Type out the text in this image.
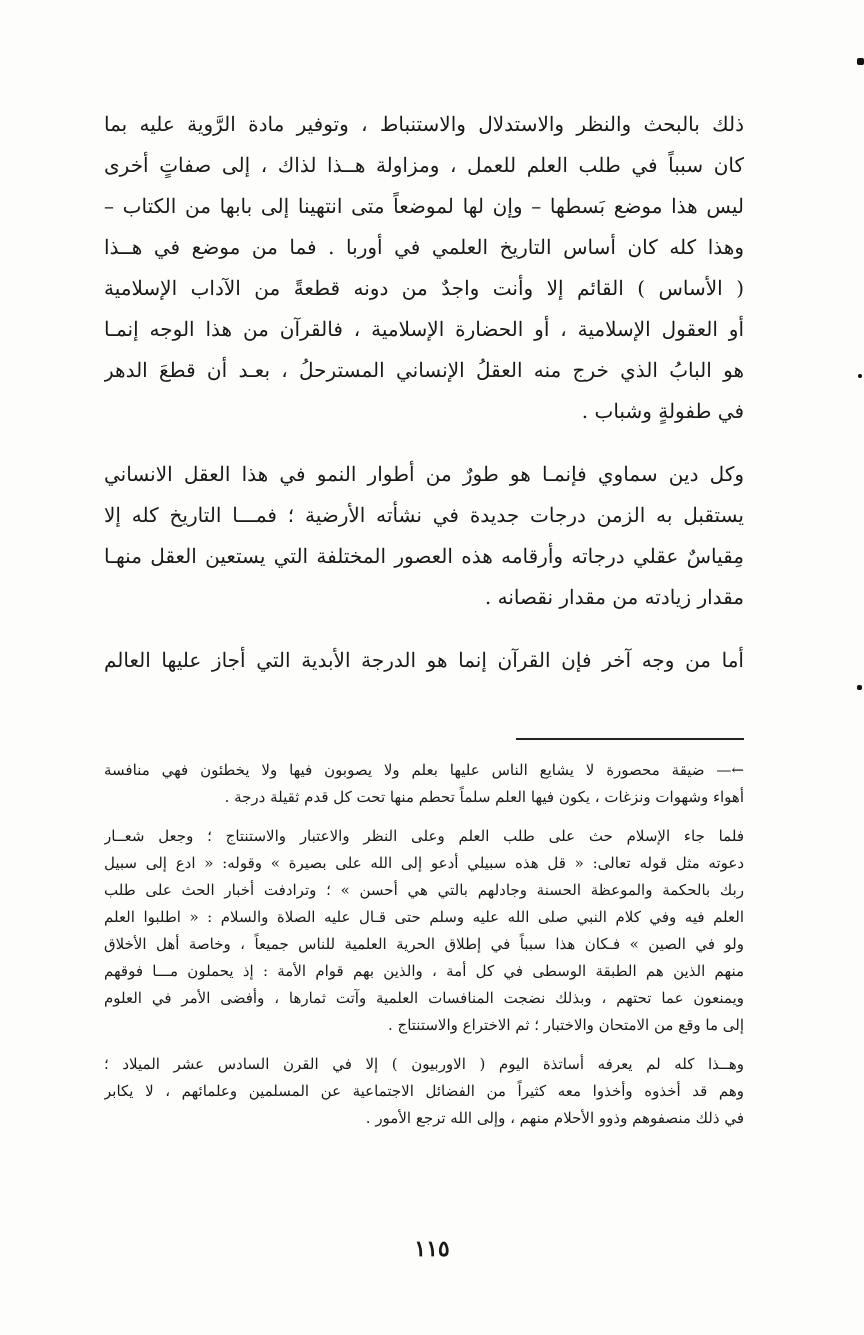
ذلك بالبحث والنظر والاستدلال والاستنباط ، وتوفير مادة الرَّوية عليه بما
كان سبباً في طلب العلم للعمل ، ومزاولة هــذا لذاك ، إلى صفاتٍ أخرى
ليس هذا موضع بَسطها – وإن لها لموضعاً متى انتهينا إلى بابها من الكتاب –
وهذا كله كان أساس التاريخ العلمي في أوربا . فما من موضع في هــذا
( الأساس ) القائم إلا وأنت واجدٌ من دونه قطعةً من الآداب الإسلامية
أو العقول الإسلامية ، أو الحضارة الإسلامية ، فالقرآن من هذا الوجه إنمـا
هو البابُ الذي خرج منه العقلُ الإنساني المسترحلُ ، بعـد أن قطعَ الدهر
في طفولةٍ وشباب .
وكل دين سماوي فإنمـا هو طورٌ من أطوار النمو في هذا العقل الانساني
يستقبل به الزمن درجات جديدة في نشأته الأرضية ؛ فمـــا التاريخ كله إلا
مِقياسٌ عقلي درجاته وأرقامه هذه العصور المختلفة التي يستعين العقل منهـا
مقدار زيادته من مقدار نقصانه .
أما من وجه آخر فإن القرآن إنما هو الدرجة الأبدية التي أجاز عليها العالم
←— ضيقة محصورة لا يشايع الناس عليها بعلم ولا يصوبون فيها ولا يخطئون فهي منافسة
أهواء وشهوات ونزغات ، يكون فيها العلم سلماً تحطم منها تحت كل قدم ثقيلة درجة .
فلما جاء الإسلام حث على طلب العلم وعلى النظر والاعتبار والاستنتاج ؛ وجعل شعــار
دعوته مثل قوله تعالى: « قل هذه سبيلي أدعو إلى الله على بصيرة » وقوله: « ادع إلى سبيل
ربك بالحكمة والموعظة الحسنة وجادلهم بالتي هي أحسن » ؛ وترادفت أخبار الحث على طلب
العلم فيه وفي كلام النبي صلى الله عليه وسلم حتى قـال عليه الصلاة والسلام : « اطلبوا العلم
ولو في الصين » فـكان هذا سبباً في إطلاق الحرية العلمية للناس جميعاً ، وخاصة أهل الأخلاق
منهم الذين هم الطبقة الوسطى في كل أمة ، والذين بهم قوام الأمة : إذ يحملون مـــا فوقهم
ويمنعون عما تحتهم ، وبذلك نضجت المنافسات العلمية وآتت ثمارها ، وأفضى الأمر في العلوم
إلى ما وقع من الامتحان والاختبار ؛ ثم الاختراع والاستنتاج .
وهــذا كله لم يعرفه أساتذة اليوم ( الاوربيون ) إلا في القرن السادس عشر الميلاد ؛
وهم قد أخذوه وأخذوا معه كثيراً من الفضائل الاجتماعية عن المسلمين وعلمائهم ، لا يكابر
في ذلك منصفوهم وذوو الأحلام منهم ، وإلى الله ترجع الأمور .
١١٥
